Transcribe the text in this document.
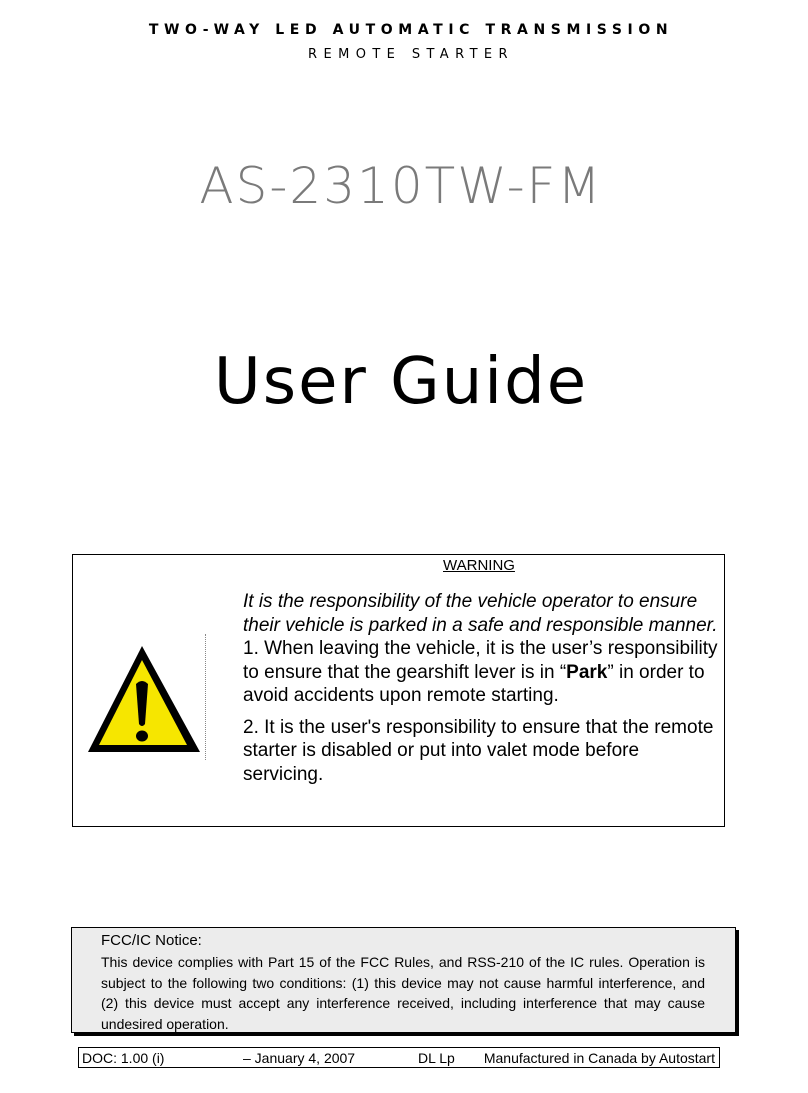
TWO-WAY LED AUTOMATIC TRANSMISSION
REMOTE STARTER
AS-2310TW-FM
User Guide
WARNING

It is the responsibility of the vehicle operator to ensure their vehicle is parked in a safe and responsible manner.

1. When leaving the vehicle, it is the user’s responsibility to ensure that the gearshift lever is in “Park” in order to avoid accidents upon remote starting.

2. It is the user's responsibility to ensure that the remote starter is disabled or put into valet mode before servicing.

FCC/IC Notice:
This device complies with Part 15 of the FCC Rules, and RSS-210 of the IC rules. Operation is subject to the following two conditions: (1) this device may not cause harmful interference, and (2) this device must accept any interference received, including interference that may cause undesired operation.
DOC: 1.00 (i)	– January 4, 2007	DL Lp Manufactured in Canada by Autostart
